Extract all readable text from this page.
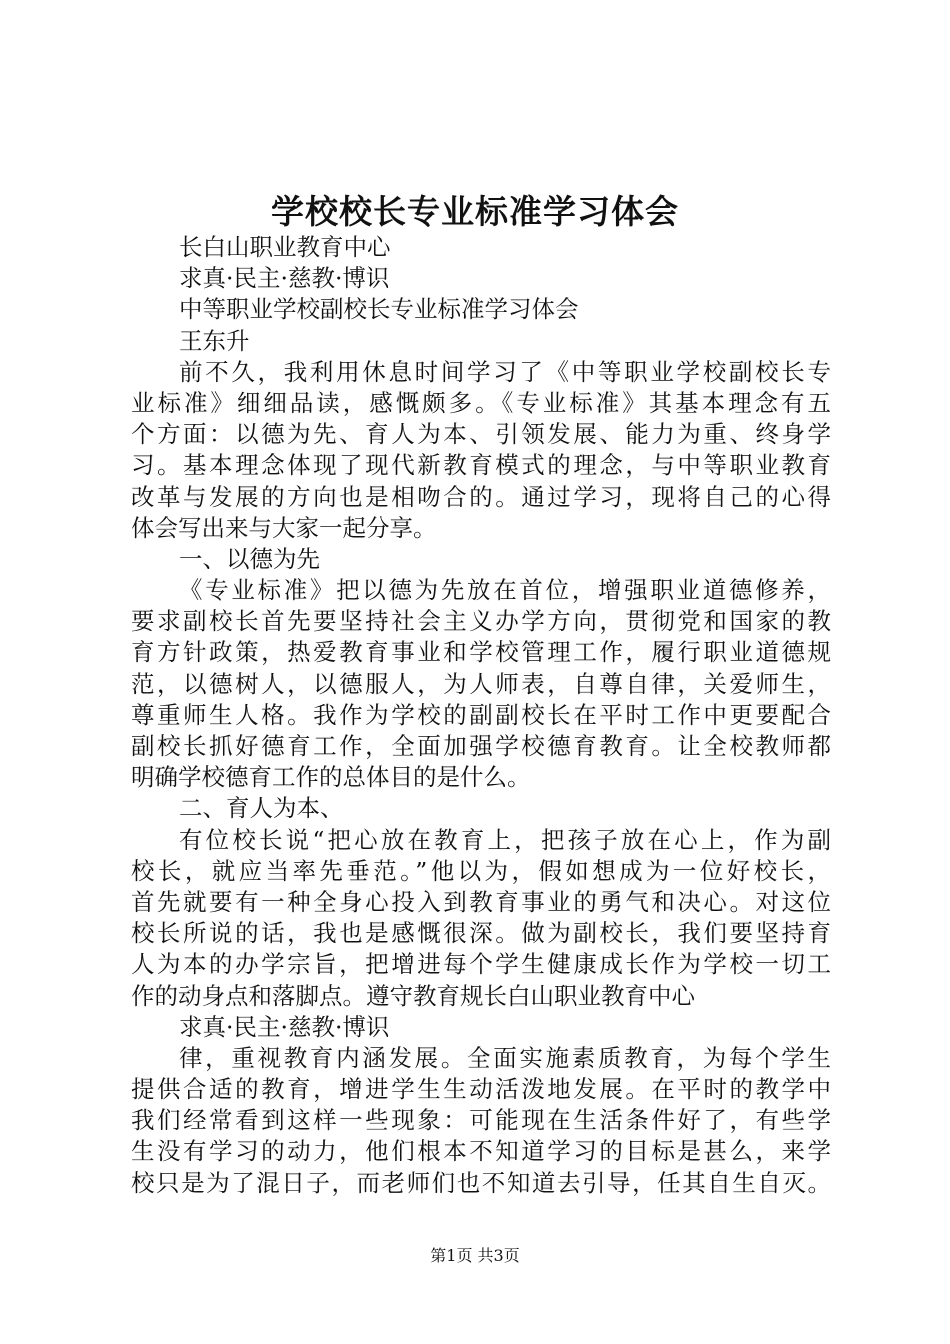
学校校长专业标准学习体会
长白山职业教育中心
求真·民主·慈教·博识
中等职业学校副校长专业标准学习体会
王东升
前不久，我利用休息时间学习了《中等职业学校副校长专
业标准》细细品读，感慨颇多。《专业标准》其基本理念有五
个方面：以德为先、育人为本、引领发展、能力为重、终身学
习。基本理念体现了现代新教育模式的理念，与中等职业教育
改革与发展的方向也是相吻合的。通过学习，现将自己的心得
体会写出来与大家一起分享。
一、以德为先
《专业标准》把以德为先放在首位，增强职业道德修养，
要求副校长首先要坚持社会主义办学方向，贯彻党和国家的教
育方针政策，热爱教育事业和学校管理工作，履行职业道德规
范，以德树人，以德服人，为人师表，自尊自律，关爱师生，
尊重师生人格。我作为学校的副副校长在平时工作中更要配合
副校长抓好德育工作，全面加强学校德育教育。让全校教师都
明确学校德育工作的总体目的是什么。
二、育人为本、
有位校长说“把心放在教育上，把孩子放在心上，作为副
校长，就应当率先垂范。”他以为，假如想成为一位好校长，
首先就要有一种全身心投入到教育事业的勇气和决心。对这位
校长所说的话，我也是感慨很深。做为副校长，我们要坚持育
人为本的办学宗旨，把增进每个学生健康成长作为学校一切工
作的动身点和落脚点。遵守教育规长白山职业教育中心
求真·民主·慈教·博识
律，重视教育内涵发展。全面实施素质教育，为每个学生
提供合适的教育，增进学生生动活泼地发展。在平时的教学中
我们经常看到这样一些现象：可能现在生活条件好了，有些学
生没有学习的动力，他们根本不知道学习的目标是甚么，来学
校只是为了混日子，而老师们也不知道去引导，任其自生自灭。
第1页 共3页
